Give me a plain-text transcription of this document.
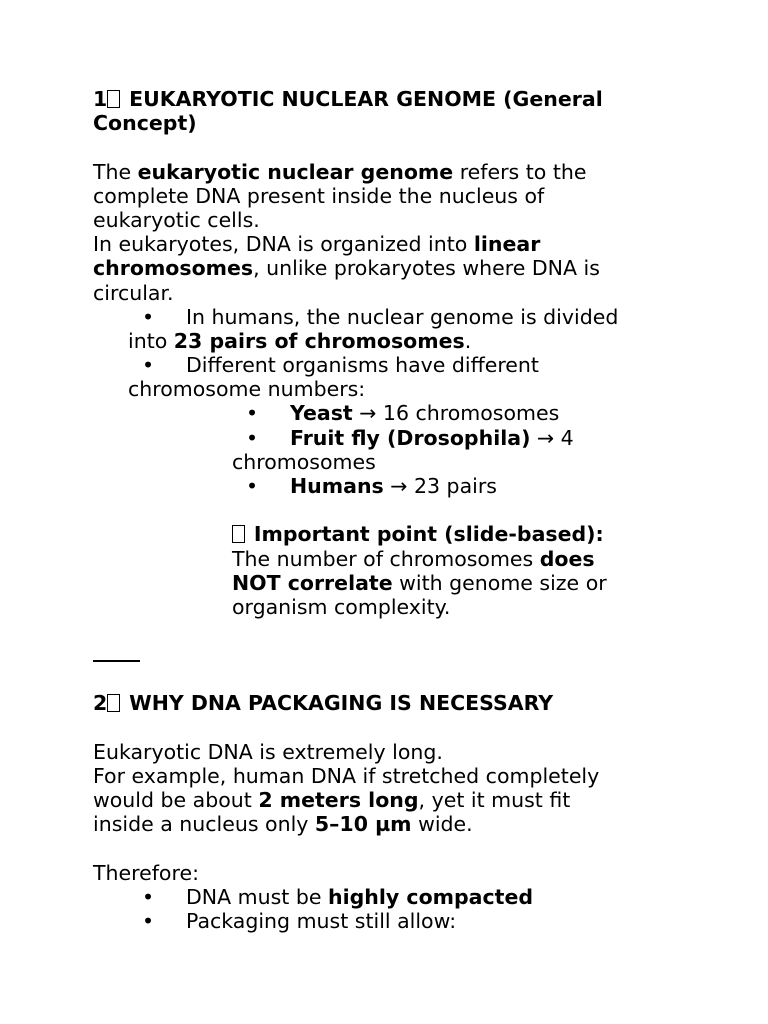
1 EUKARYOTIC NUCLEAR GENOME (General
Concept)
The eukaryotic nuclear genome refers to the
complete DNA present inside the nucleus of
eukaryotic cells.
In eukaryotes, DNA is organized into linear
chromosomes, unlike prokaryotes where DNA is
circular.
• In humans, the nuclear genome is divided
into 23 pairs of chromosomes.
• Different organisms have different
chromosome numbers:
• Yeast → 16 chromosomes
• Fruit fly (Drosophila) → 4
chromosomes
• Humans → 23 pairs
Important point (slide-based):
The number of chromosomes does
NOT correlate with genome size or
organism complexity.
2 WHY DNA PACKAGING IS NECESSARY
Eukaryotic DNA is extremely long.
For example, human DNA if stretched completely
would be about 2 meters long, yet it must fit
inside a nucleus only 5–10 µm wide.
Therefore:
• DNA must be highly compacted
• Packaging must still allow:
